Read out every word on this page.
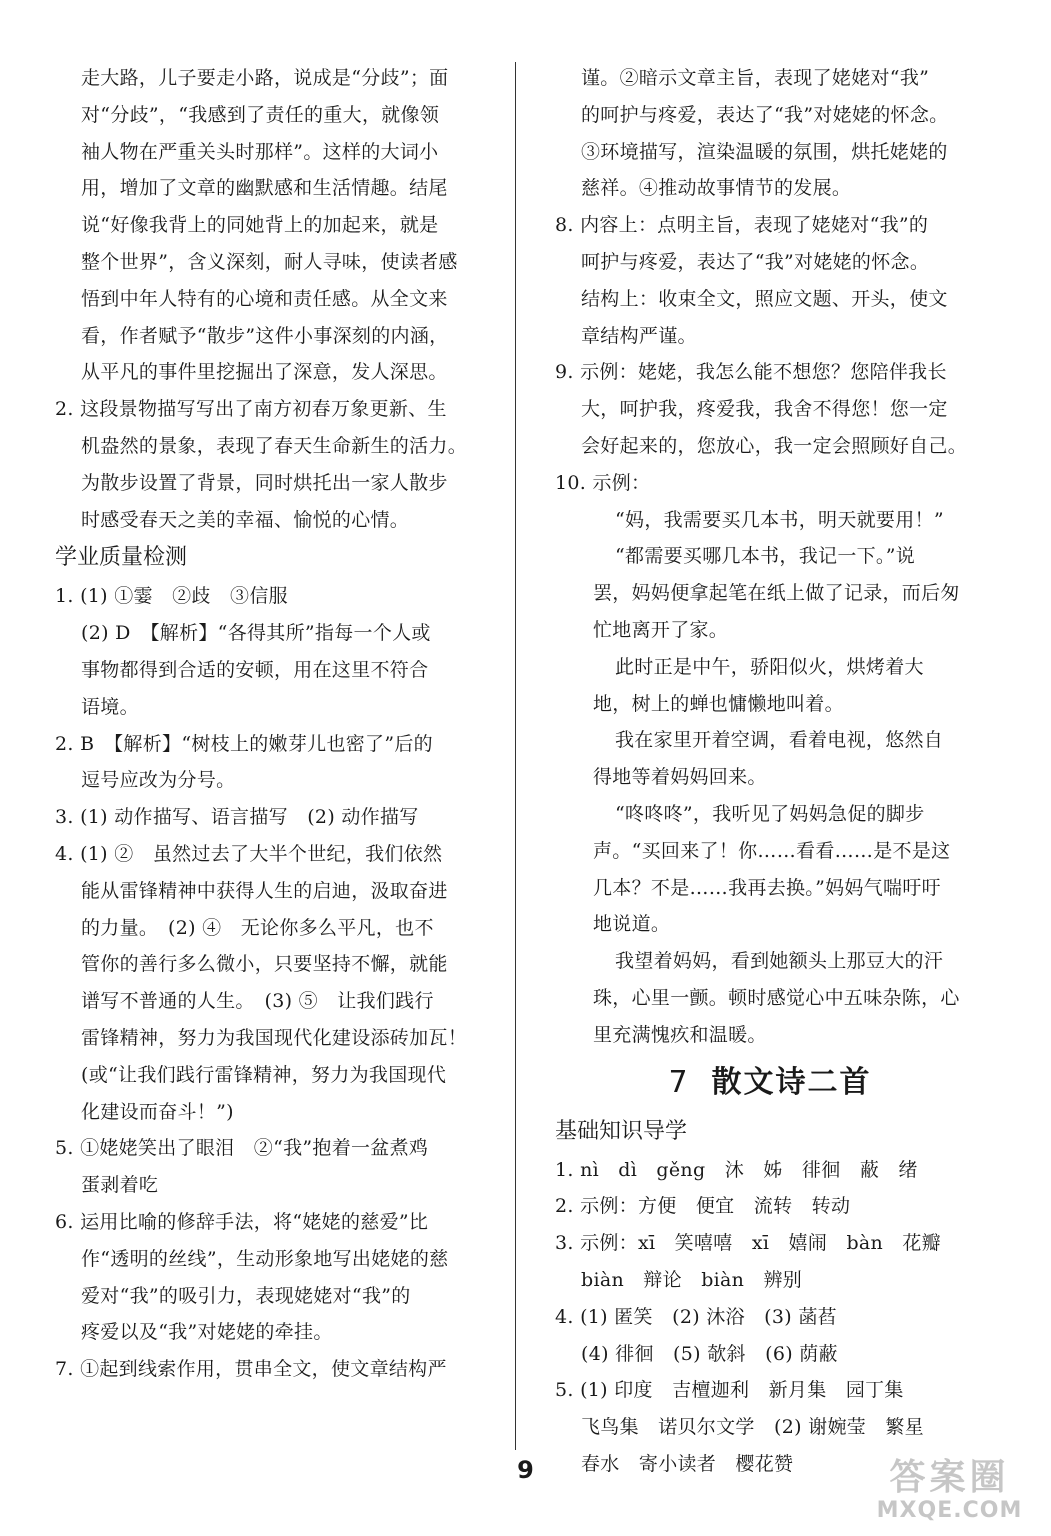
走大路，儿子要走小路，说成是“分歧”；面
对“分歧”，“我感到了责任的重大，就像领
袖人物在严重关头时那样”。这样的大词小
用，增加了文章的幽默感和生活情趣。结尾
说“好像我背上的同她背上的加起来，就是
整个世界”，含义深刻，耐人寻味，使读者感
悟到中年人特有的心境和责任感。从全文来
看，作者赋予“散步”这件小事深刻的内涵，
从平凡的事件里挖掘出了深意，发人深思。
2. 这段景物描写写出了南方初春万象更新、生
机盎然的景象，表现了春天生命新生的活力。
为散步设置了背景，同时烘托出一家人散步
时感受春天之美的幸福、愉悦的心情。
学业质量检测
1. (1) ①霎　②歧　③信服
(2) D　【解析】“各得其所”指每一个人或
事物都得到合适的安顿，用在这里不符合
语境。
2. B　【解析】“树枝上的嫩芽儿也密了”后的
逗号应改为分号。
3. (1) 动作描写、语言描写　(2) 动作描写
4. (1) ②　虽然过去了大半个世纪，我们依然
能从雷锋精神中获得人生的启迪，汲取奋进
的力量。　(2) ④　无论你多么平凡，也不
管你的善行多么微小，只要坚持不懈，就能
谱写不普通的人生。　(3) ⑤　让我们践行
雷锋精神，努力为我国现代化建设添砖加瓦！
(或“让我们践行雷锋精神，努力为我国现代
化建设而奋斗！”)
5. ①姥姥笑出了眼泪　②“我”抱着一盆煮鸡
蛋剥着吃
6. 运用比喻的修辞手法，将“姥姥的慈爱”比
作“透明的丝线”，生动形象地写出姥姥的慈
爱对“我”的吸引力，表现姥姥对“我”的
疼爱以及“我”对姥姥的牵挂。
7. ①起到线索作用，贯串全文，使文章结构严
谨。②暗示文章主旨，表现了姥姥对“我”
的呵护与疼爱，表达了“我”对姥姥的怀念。
③环境描写，渲染温暖的氛围，烘托姥姥的
慈祥。④推动故事情节的发展。
8. 内容上：点明主旨，表现了姥姥对“我”的
呵护与疼爱，表达了“我”对姥姥的怀念。
结构上：收束全文，照应文题、开头，使文
章结构严谨。
9. 示例：姥姥，我怎么能不想您？您陪伴我长
大，呵护我，疼爱我，我舍不得您！您一定
会好起来的，您放心，我一定会照顾好自己。
10. 示例：
“妈，我需要买几本书，明天就要用！”
“都需要买哪几本书，我记一下。”说
罢，妈妈便拿起笔在纸上做了记录，而后匆
忙地离开了家。
此时正是中午，骄阳似火，烘烤着大
地，树上的蝉也慵懒地叫着。
我在家里开着空调，看着电视，悠然自
得地等着妈妈回来。
“咚咚咚”，我听见了妈妈急促的脚步
声。“买回来了！你……看看……是不是这
几本？不是……我再去换。”妈妈气喘吁吁
地说道。
我望着妈妈，看到她额头上那豆大的汗
珠，心里一颤。顿时感觉心中五味杂陈，心
里充满愧疚和温暖。
7 散文诗二首
基础知识导学
1. nì　dì　gěng　沐　姊　徘徊　蔽　绪
2. 示例：方便　便宜　流转　转动
3. 示例：xī　笑嘻嘻　xī　嬉闹　bàn　花瓣
biàn　辩论　biàn　辨别
4. (1) 匿笑　(2) 沐浴　(3) 菡萏
(4) 徘徊　(5) 欹斜　(6) 荫蔽
5. (1) 印度　吉檀迦利　新月集　园丁集
飞鸟集　诺贝尔文学　(2) 谢婉莹　繁星
春水　寄小读者　樱花赞
9	答案圈
MXQE.COM
